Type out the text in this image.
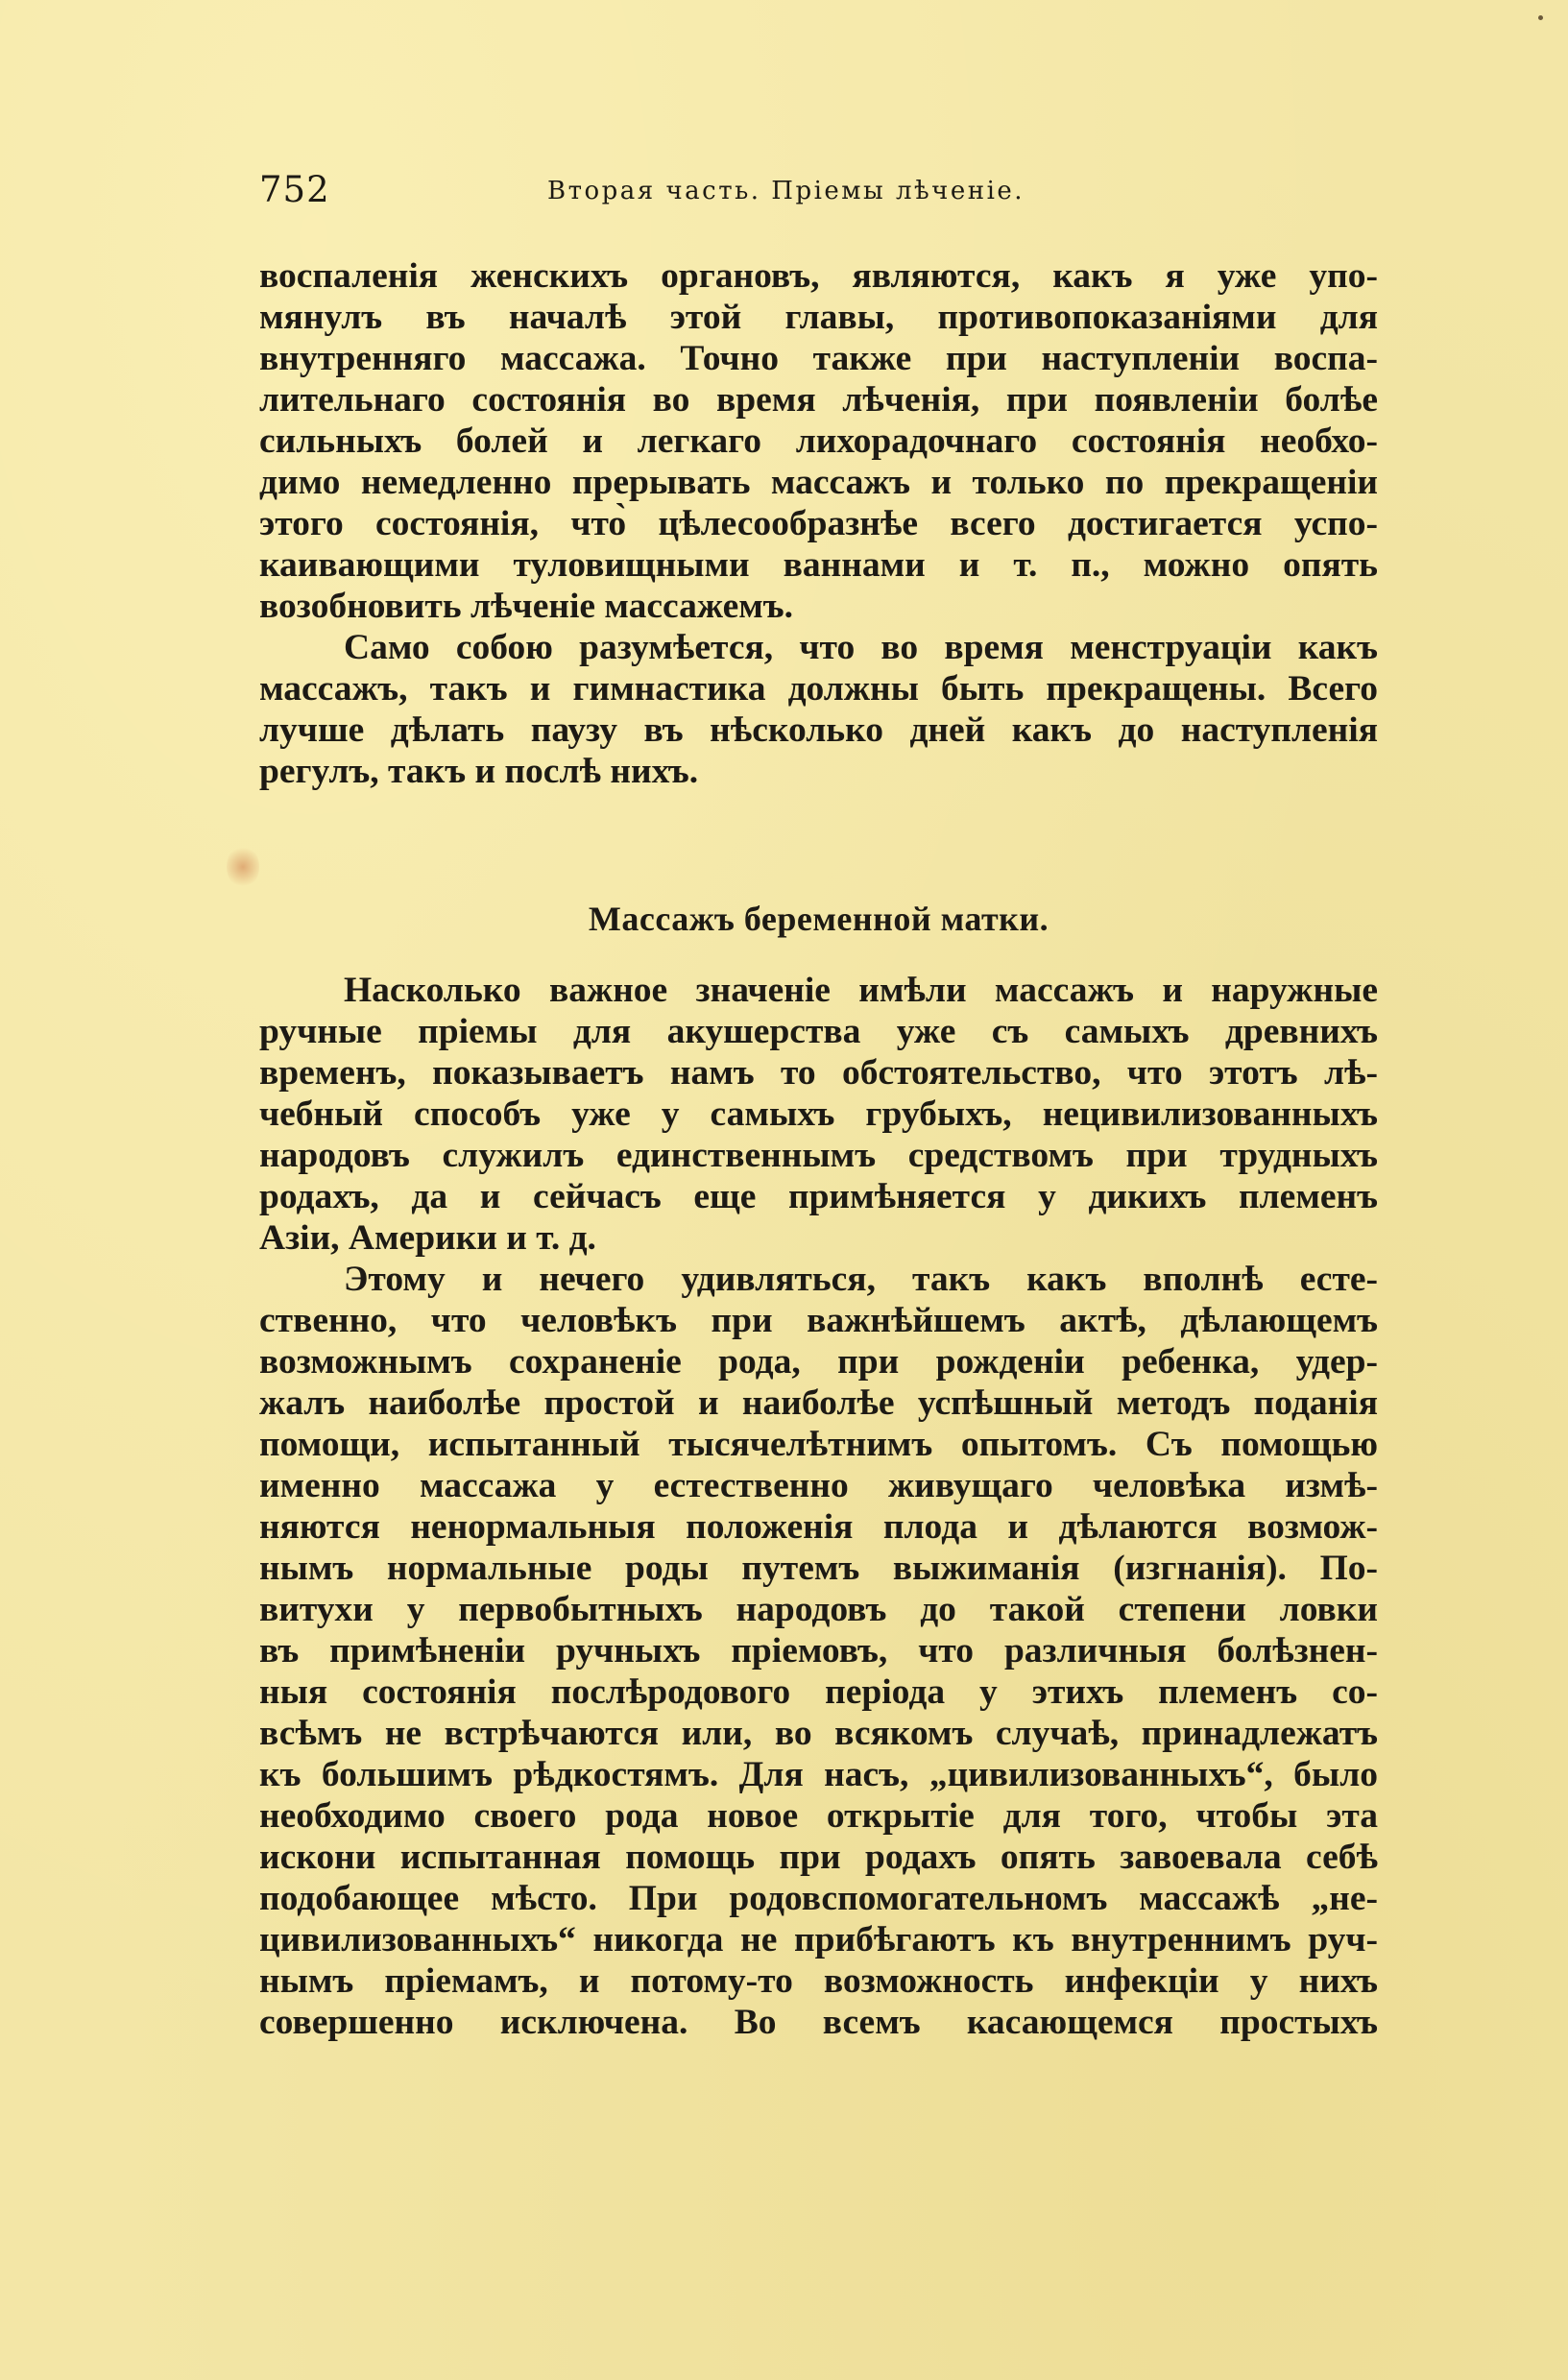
752	Вторая часть. Пріемы лѣченіе.
воспаленія женскихъ органовъ, являются, какъ я уже упо-
мянулъ въ началѣ этой главы, противопоказаніями для
внутренняго массажа. Точно также при наступленіи воспа-
лительнаго состоянія во время лѣченія, при появленіи болѣе
сильныхъ болей и легкаго лихорадочнаго состоянія необхо-
димо немедленно прерывать массажъ и только по прекращеніи
этого состоянія, что̀ цѣлесообразнѣе всего достигается успо-
каивающими туловищными ваннами и т. п., можно опять
возобновить лѣченіе массажемъ.
Само собою разумѣется, что во время менструаціи какъ
массажъ, такъ и гимнастика должны быть прекращены. Всего
лучше дѣлать паузу въ нѣсколько дней какъ до наступленія
регулъ, такъ и послѣ нихъ.
Массажъ беременной матки.
Насколько важное значеніе имѣли массажъ и наружные
ручные пріемы для акушерства уже съ самыхъ древнихъ
временъ, показываетъ намъ то обстоятельство, что этотъ лѣ-
чебный способъ уже у самыхъ грубыхъ, нецивилизованныхъ
народовъ служилъ единственнымъ средствомъ при трудныхъ
родахъ, да и сейчасъ еще примѣняется у дикихъ племенъ
Азіи, Америки и т. д.
Этому и нечего удивляться, такъ какъ вполнѣ есте-
ственно, что человѣкъ при важнѣйшемъ актѣ, дѣлающемъ
возможнымъ сохраненіе рода, при рожденіи ребенка, удер-
жалъ наиболѣе простой и наиболѣе успѣшный методъ поданія
помощи, испытанный тысячелѣтнимъ опытомъ. Съ помощью
именно массажа у естественно живущаго человѣка измѣ-
няются ненормальныя положенія плода и дѣлаются возмож-
нымъ нормальные роды путемъ выжиманія (изгнанія). По-
витухи у первобытныхъ народовъ до такой степени ловки
въ примѣненіи ручныхъ пріемовъ, что различныя болѣзнен-
ныя состоянія послѣродового періода у этихъ племенъ со-
всѣмъ не встрѣчаются или, во всякомъ случаѣ, принадлежатъ
къ большимъ рѣдкостямъ. Для насъ, „цивилизованныхъ“, было
необходимо своего рода новое открытіе для того, чтобы эта
искони испытанная помощь при родахъ опять завоевала себѣ
подобающее мѣсто. При родовспомогательномъ массажѣ „не-
цивилизованныхъ“ никогда не прибѣгаютъ къ внутреннимъ руч-
нымъ пріемамъ, и потому-то возможность инфекціи у нихъ
совершенно исключена. Во всемъ касающемся простыхъ
